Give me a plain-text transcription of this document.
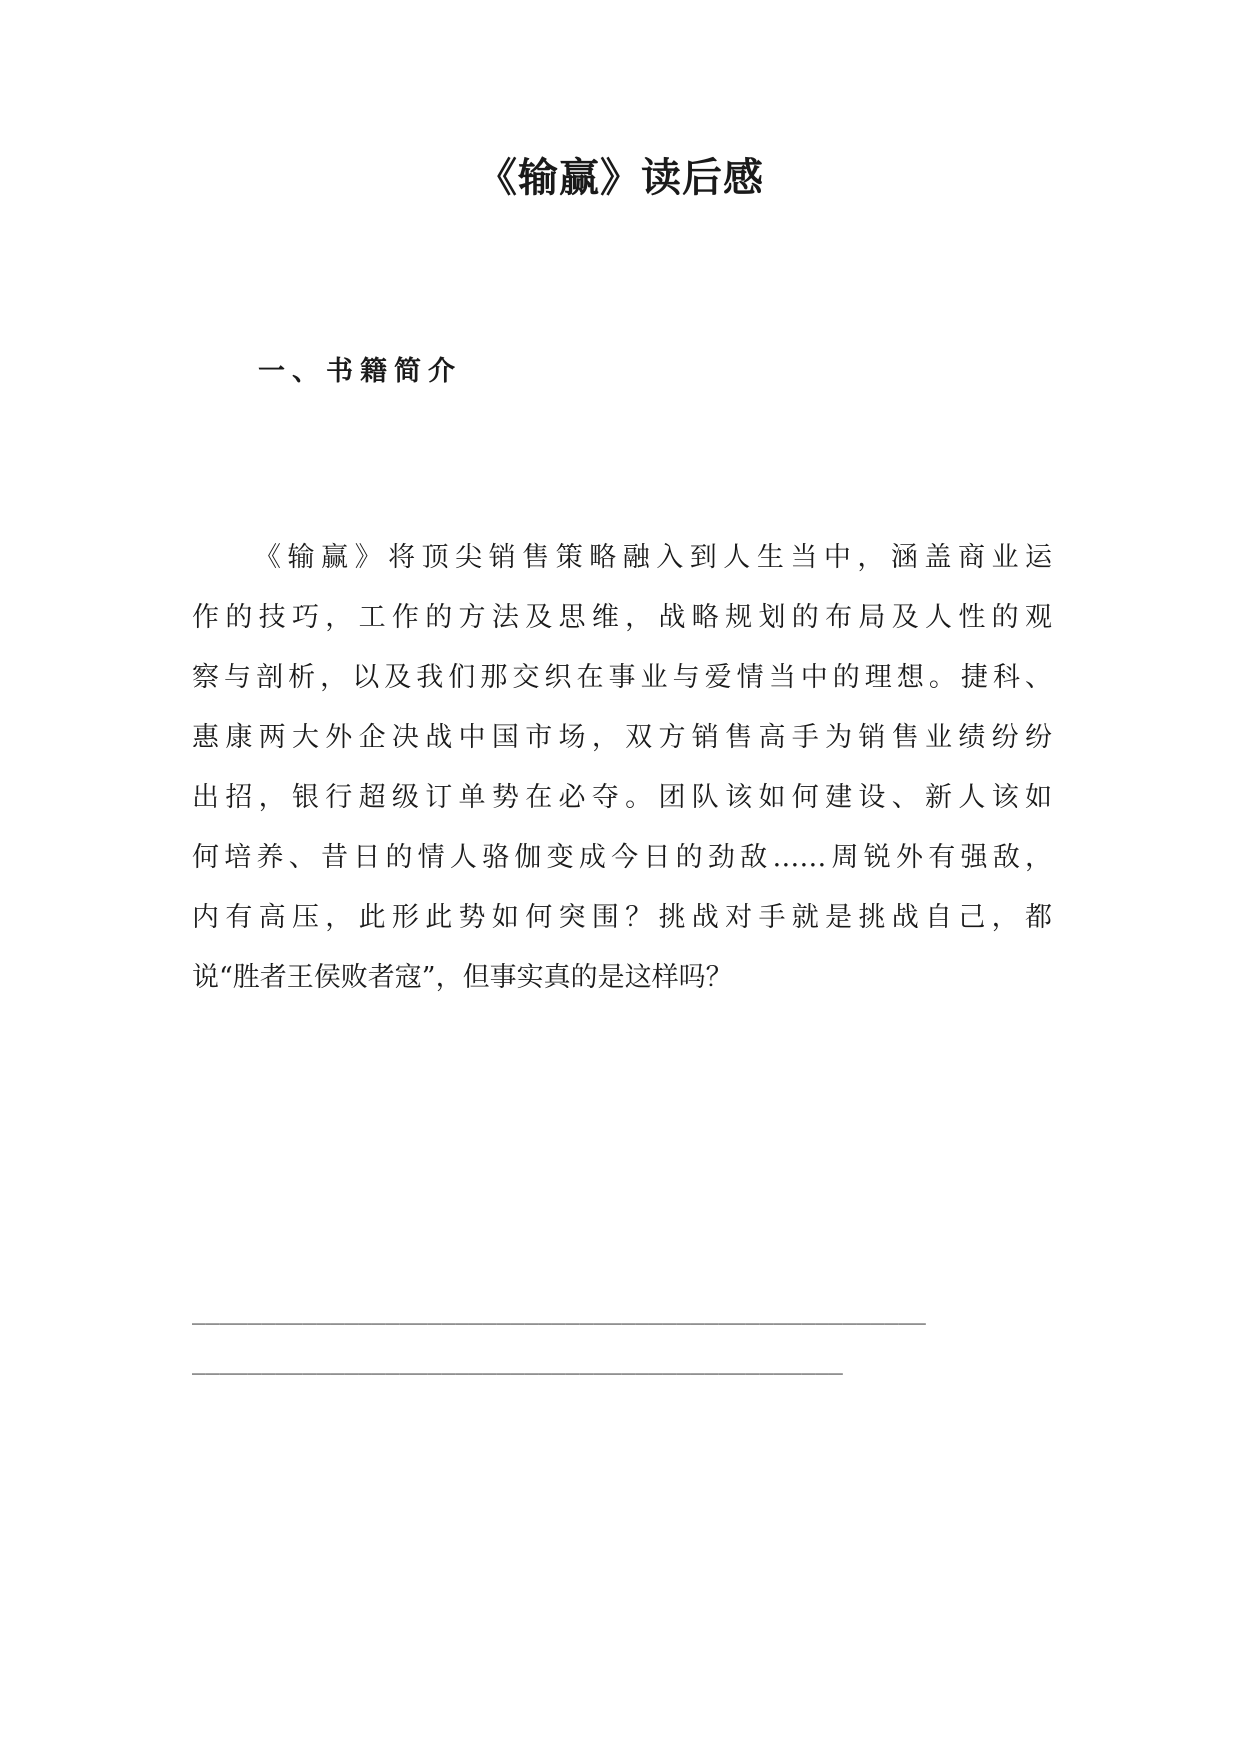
《输赢》读后感
一、书籍简介
《输赢》将顶尖销售策略融入到人生当中，涵盖商业运
作的技巧，工作的方法及思维，战略规划的布局及人性的观
察与剖析，以及我们那交织在事业与爱情当中的理想。捷科、
惠康两大外企决战中国市场，双方销售高手为销售业绩纷纷
出招，银行超级订单势在必夺。团队该如何建设、新人该如
何培养、昔日的情人骆伽变成今日的劲敌……周锐外有强敌，
内有高压，此形此势如何突围？挑战对手就是挑战自己，都
说“胜者王侯败者寇”，但事实真的是这样吗？

_____________________________________________________

_______________________________________________
